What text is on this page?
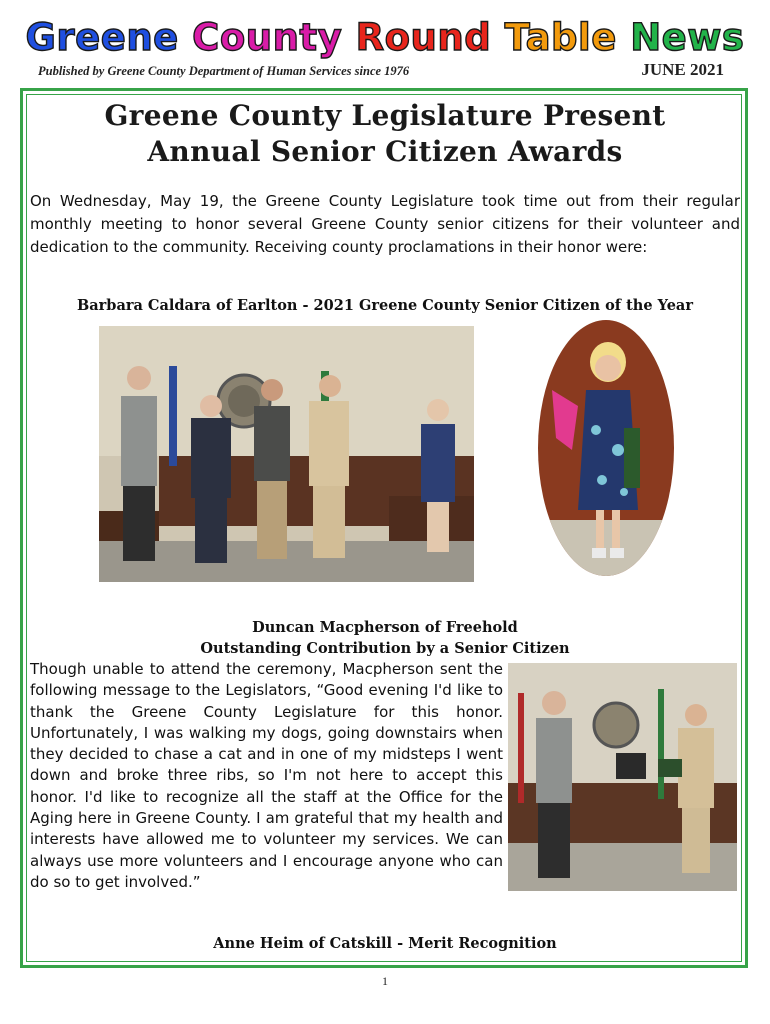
Greene County Round Table News
Published by Greene County Department of Human Services since 1976	JUNE 2021
Greene County Legislature Present
Annual Senior Citizen Awards
On Wednesday, May 19, the Greene County Legislature took time out from their regular monthly meeting to honor several Greene County senior citizens for their volunteer and dedication to the community. Receiving county proclamations in their honor were:
Barbara Caldara of Earlton - 2021 Greene County Senior Citizen of the Year
Duncan Macpherson of Freehold
Outstanding Contribution by a Senior Citizen
Though unable to attend the ceremony, Macpherson sent the following message to the Legislators, “Good evening I'd like to thank the Greene County Legislature for this honor. Unfortunately, I was walking my dogs, going downstairs when they decided to chase a cat and in one of my midsteps I went down and broke three ribs, so I'm not here to accept this honor. I'd like to recognize all the staff at the Office for the Aging here in Greene County. I am grateful that my health and interests have allowed me to volunteer my services. We can always use more volunteers and I encourage anyone who can do so to get involved.”
Anne Heim of Catskill - Merit Recognition
1
